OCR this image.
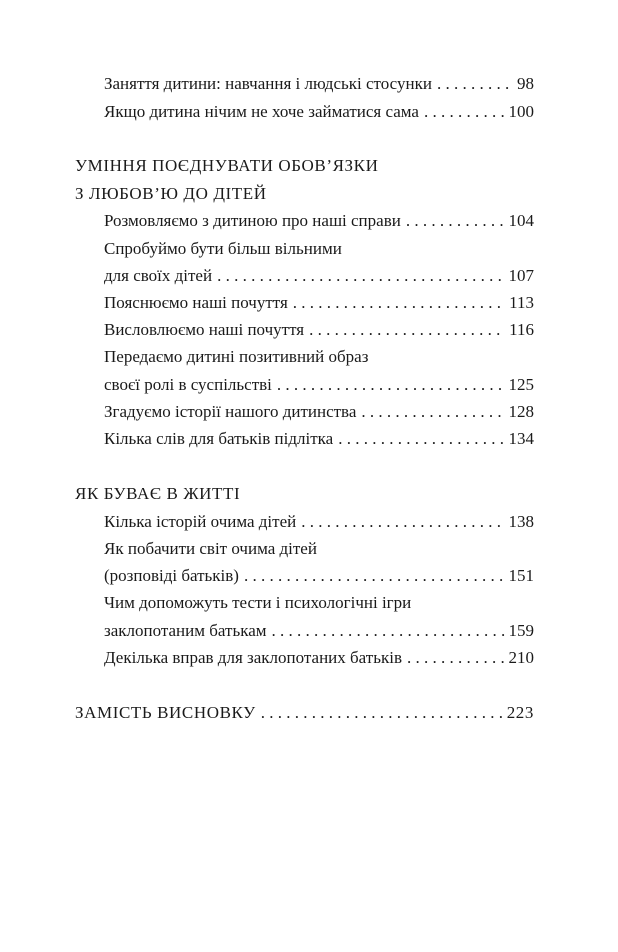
Заняття дитини: навчання і людські стосунки . . .	98
Якщо дитина нічим не хоче займатися сама . . .	100
УМІННЯ ПОЄДНУВАТИ ОБОВ’ЯЗКИ
З ЛЮБОВ’Ю ДО ДІТЕЙ
Розмовляємо з дитиною про наші справи . . .	104
Спробуймо бути більш вільними
для своїх дітей . . .	107
Пояснюємо наші почуття . . .	113
Висловлюємо наші почуття . . .	116
Передаємо дитині позитивний образ
своєї ролі в суспільстві . . .	125
Згадуємо історії нашого дитинства . . .	128
Кілька слів для батьків підлітка . . .	134
ЯК БУВАЄ В ЖИТТІ
Кілька історій очима дітей . . .	138
Як побачити світ очима дітей
(розповіді батьків) . . .	151
Чим допоможуть тести і психологічні ігри
заклопотаним батькам . . .	159
Декілька вправ для заклопотаних батьків . . .	210
ЗАМІСТЬ ВИСНОВКУ . . .	223
